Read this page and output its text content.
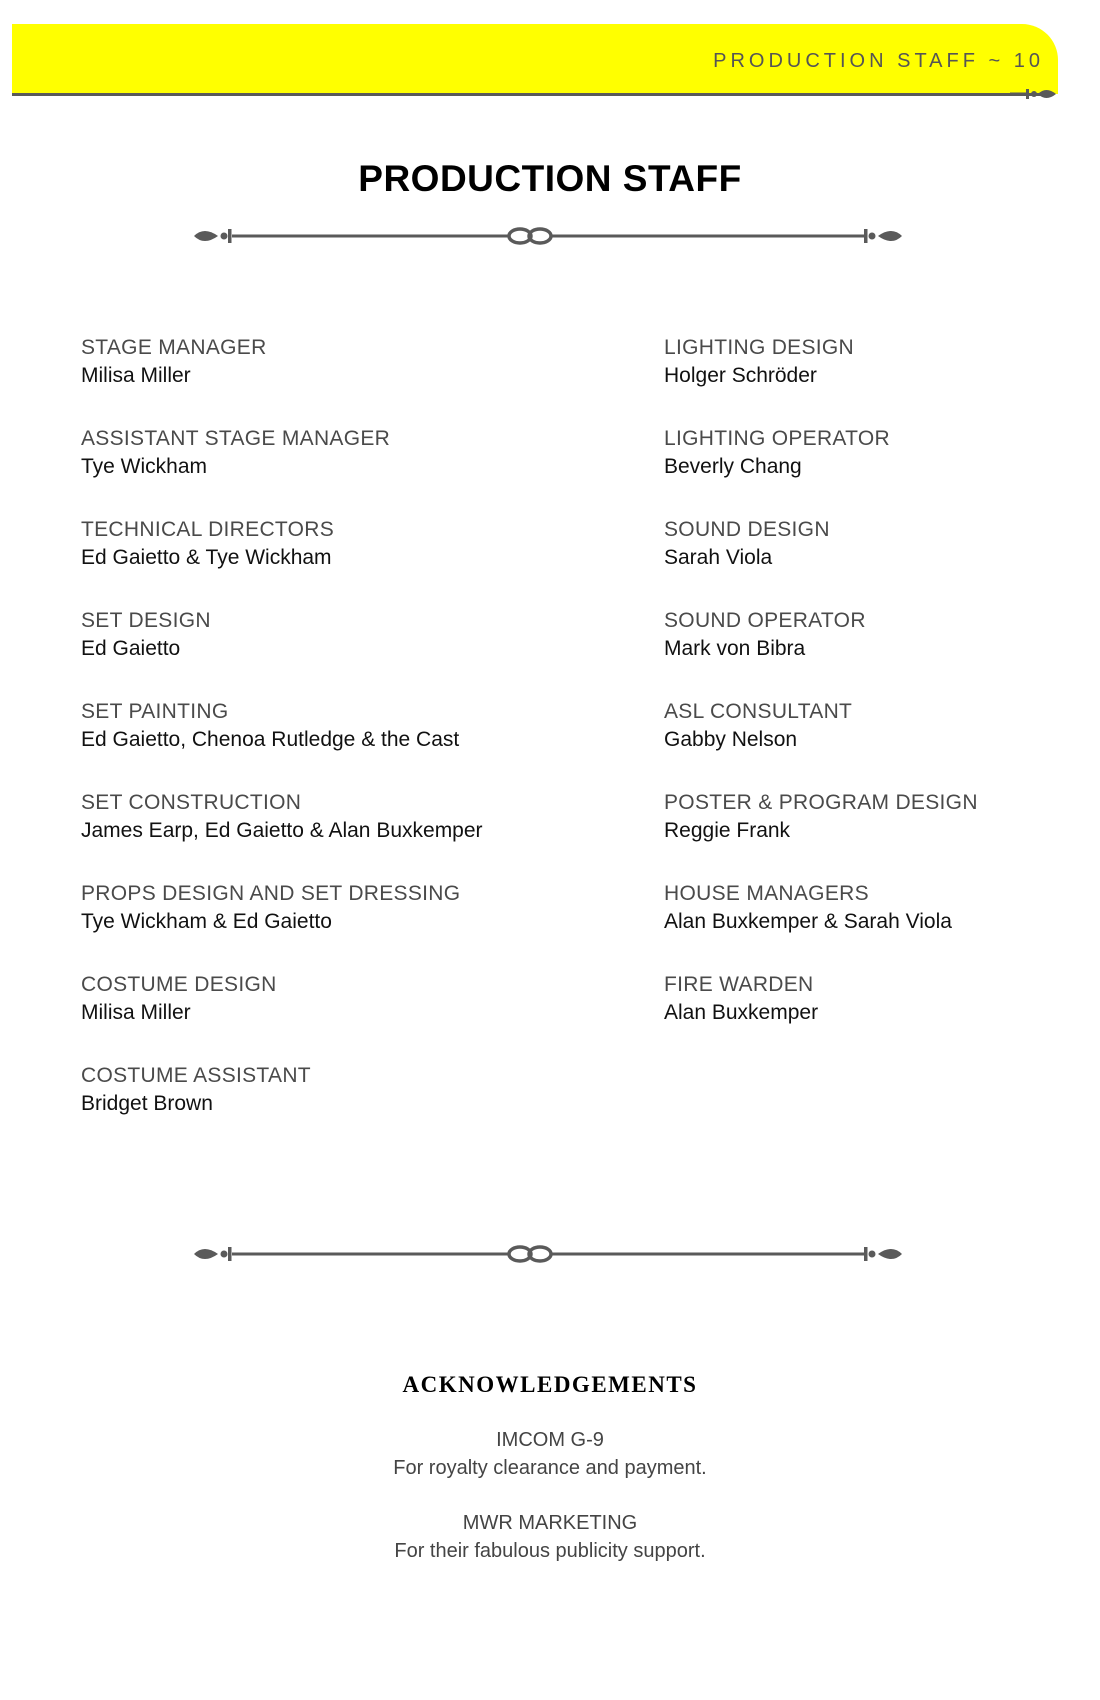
PRODUCTION STAFF ~ 10
PRODUCTION STAFF
STAGE MANAGER
Milisa Miller
ASSISTANT STAGE MANAGER
Tye Wickham
TECHNICAL DIRECTORS
Ed Gaietto & Tye Wickham
SET DESIGN
Ed Gaietto
SET PAINTING
Ed Gaietto, Chenoa Rutledge & the Cast
SET CONSTRUCTION
James Earp, Ed Gaietto & Alan Buxkemper
PROPS DESIGN AND SET DRESSING
Tye Wickham & Ed Gaietto
COSTUME DESIGN
Milisa Miller
COSTUME ASSISTANT
Bridget Brown
LIGHTING DESIGN
Holger Schröder
LIGHTING OPERATOR
Beverly Chang
SOUND DESIGN
Sarah Viola
SOUND OPERATOR
Mark von Bibra
ASL CONSULTANT
Gabby Nelson
POSTER & PROGRAM DESIGN
Reggie Frank
HOUSE MANAGERS
Alan Buxkemper & Sarah Viola
FIRE WARDEN
Alan Buxkemper
ACKNOWLEDGEMENTS
IMCOM G-9
For royalty clearance and payment.
MWR MARKETING
For their fabulous publicity support.
